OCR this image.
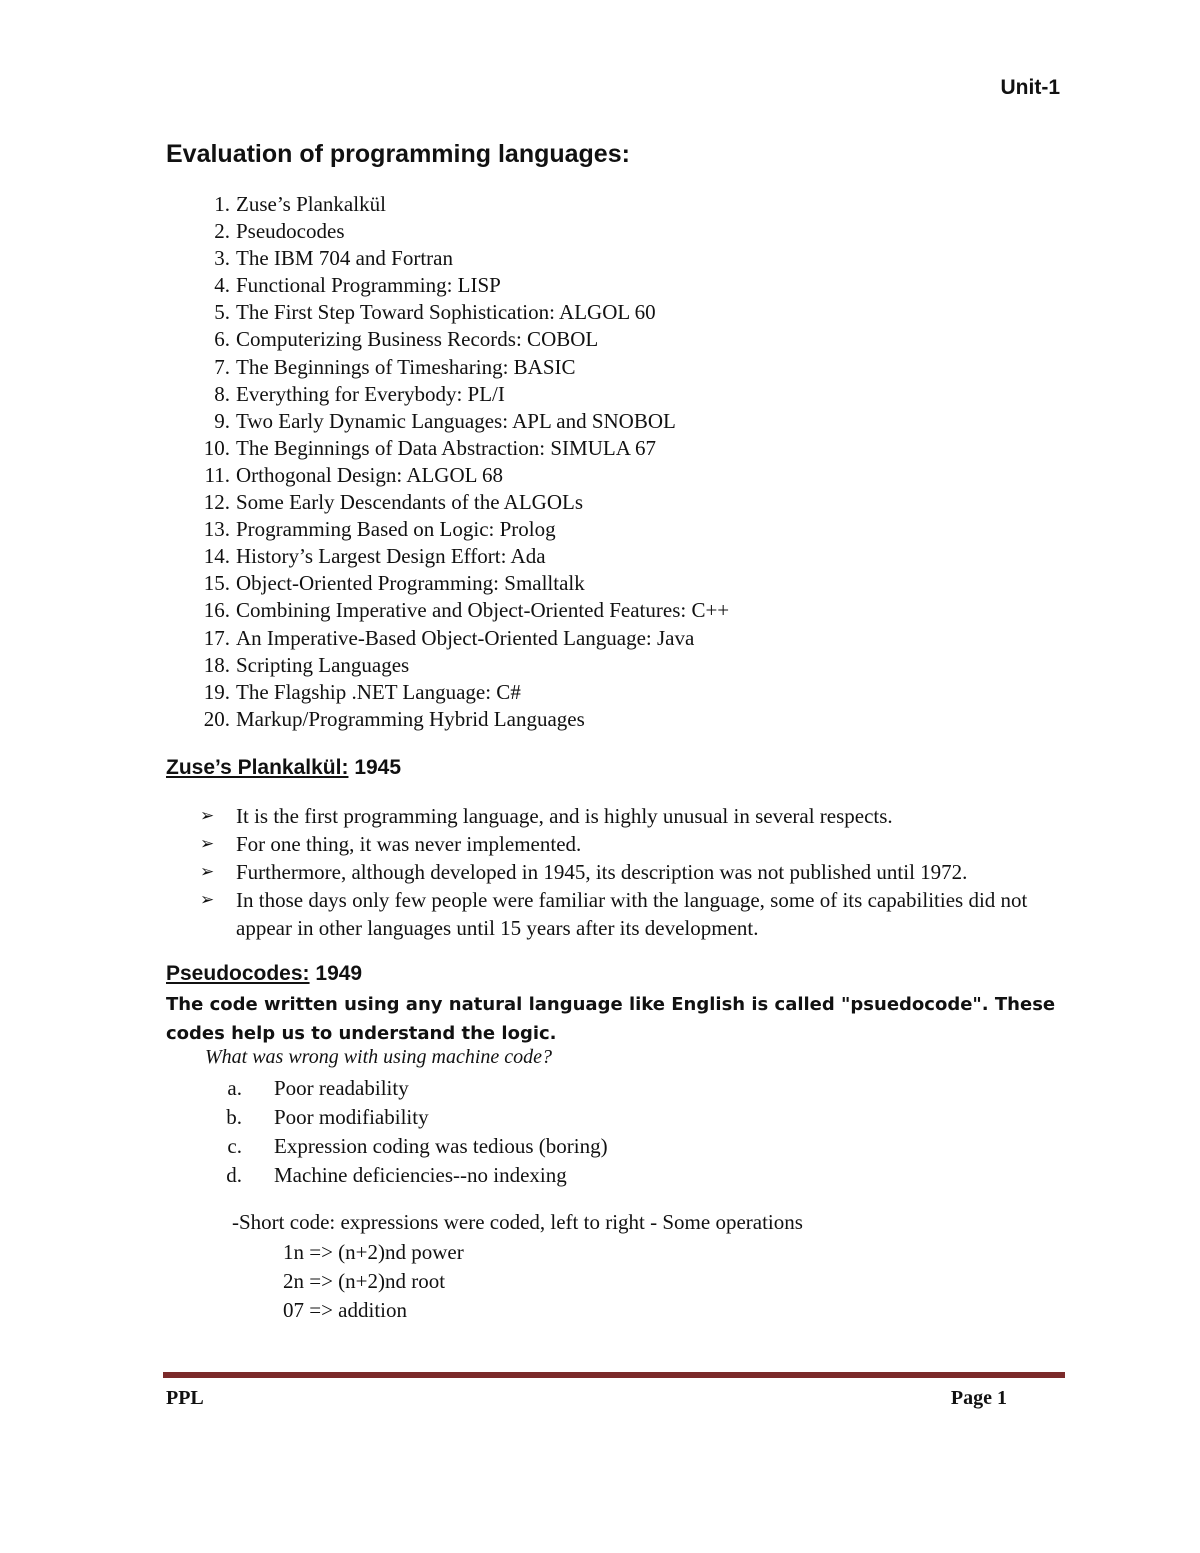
Unit-1
Evaluation of programming languages:
1. Zuse’s Plankalkül
2. Pseudocodes
3. The IBM 704 and Fortran
4. Functional Programming: LISP
5. The First Step Toward Sophistication: ALGOL 60
6. Computerizing Business Records: COBOL
7. The Beginnings of Timesharing: BASIC
8. Everything for Everybody: PL/I
9. Two Early Dynamic Languages: APL and SNOBOL
10. The Beginnings of Data Abstraction: SIMULA 67
11. Orthogonal Design: ALGOL 68
12. Some Early Descendants of the ALGOLs
13. Programming Based on Logic: Prolog
14. History’s Largest Design Effort: Ada
15. Object-Oriented Programming: Smalltalk
16. Combining Imperative and Object-Oriented Features: C++
17. An Imperative-Based Object-Oriented Language: Java
18. Scripting Languages
19. The Flagship .NET Language: C#
20. Markup/Programming Hybrid Languages
Zuse’s Plankalkül: 1945
➢ It is the first programming language, and is highly unusual in several respects.
➢ For one thing, it was never implemented.
➢ Furthermore, although developed in 1945, its description was not published until 1972.
➢ In those days only few people were familiar with the language, some of its capabilities did not appear in other languages until 15 years after its development.
Pseudocodes: 1949

The code written using any natural language like English is called "psuedocode". These codes help us to understand the logic.

What was wrong with using machine code?

a. Poor readability
b. Poor modifiability
c. Expression coding was tedious (boring)
d. Machine deficiencies--no indexing

-Short code: expressions were coded, left to right - Some operations

1n => (n+2)nd power
2n => (n+2)nd root
07 => addition
PPL	Page 1
